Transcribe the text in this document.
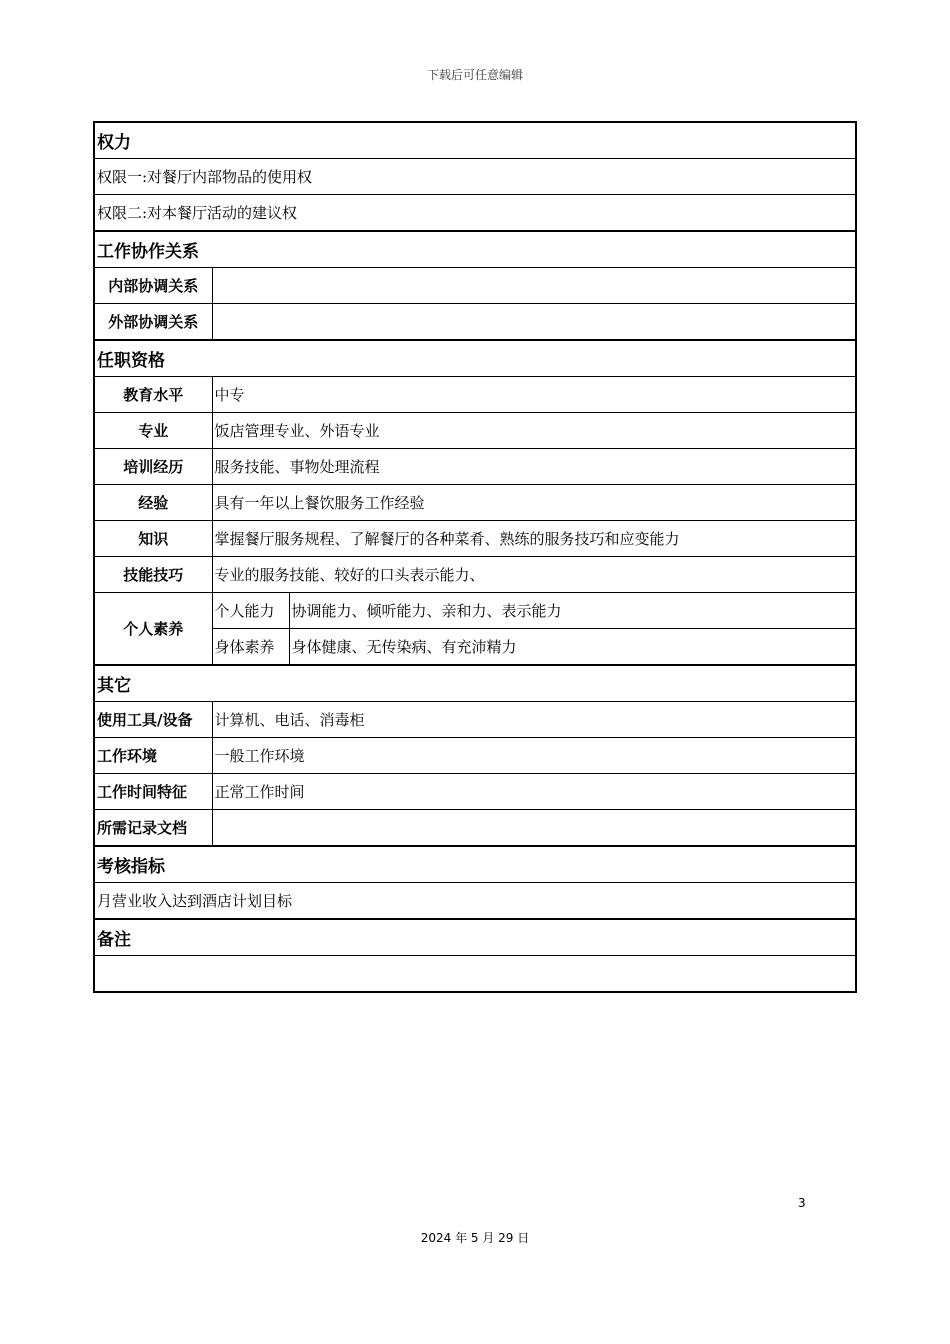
下载后可任意编辑
权力		
权限一:对餐厅内部物品的使用权		
权限二:对本餐厅活动的建议权		
工作协作关系		
内部协调关系		
外部协调关系		
任职资格		
教育水平	中专	
专业	饭店管理专业、外语专业	
培训经历	服务技能、事物处理流程	
经验	具有一年以上餐饮服务工作经验	
知识	掌握餐厅服务规程、了解餐厅的各种菜肴、熟练的服务技巧和应变能力	
技能技巧	专业的服务技能、较好的口头表示能力、	
个人素养	个人能力	协调能力、倾听能力、亲和力、表示能力
	身体素养	身体健康、无传染病、有充沛精力
其它		
使用工具/设备	计算机、电话、消毒柜	
工作环境	一般工作环境	
工作时间特征	正常工作时间	
所需记录文档		
考核指标		
月营业收入达到酒店计划目标		
备注		

3
2024 年 5 月 29 日
